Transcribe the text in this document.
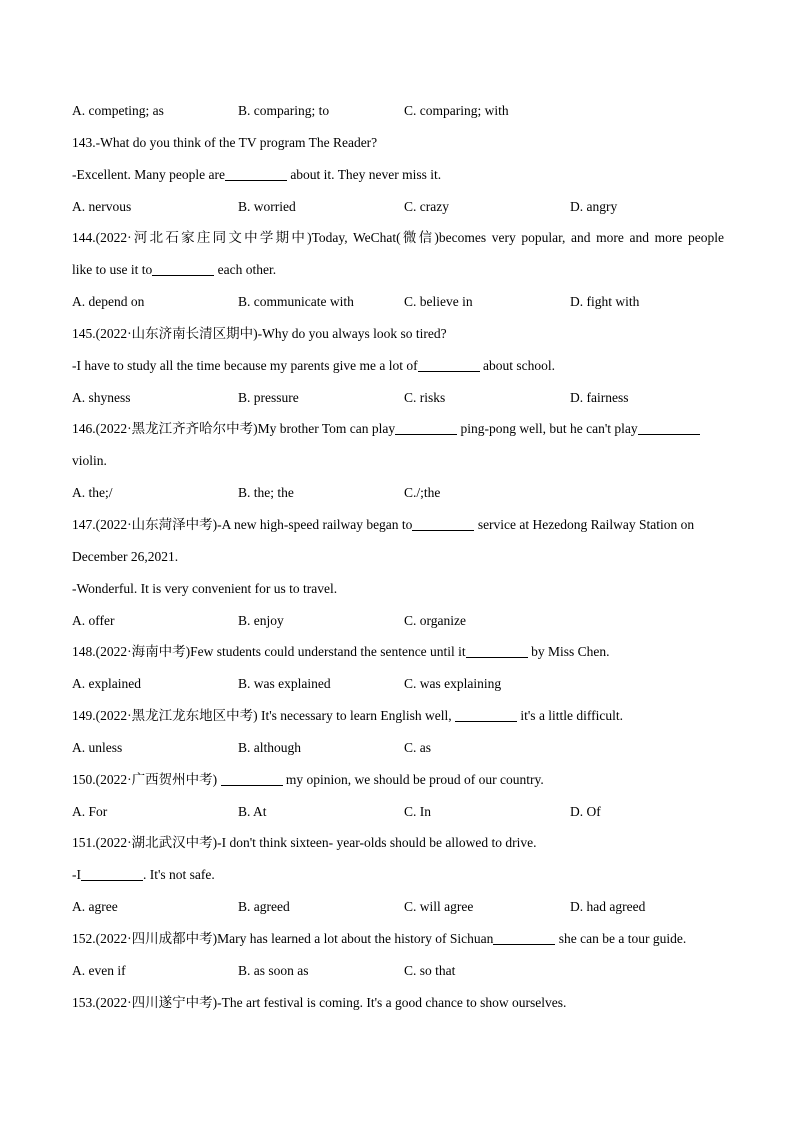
A. competing; as	B. comparing; to	C. comparing; with
143.-What do you think of the TV program The Reader?
-Excellent. Many people are	about it. They never miss it.
A. nervous	B. worried	C. crazy	D. angry
144.(2022·河北石家庄同文中学期中)Today, WeChat(微信)becomes very popular, and more and more people
like to use it to	each other.
A. depend on	B. communicate with	C. believe in	D. fight with
145.(2022·山东济南长清区期中)-Why do you always look so tired?
-I have to study all the time because my parents give me a lot of	about school.
A. shyness	B. pressure	C. risks	D. fairness
146.(2022·黑龙江齐齐哈尔中考)My brother Tom can play	ping-pong well, but he can't play
violin.
A. the;/	B. the; the	C./;the
147.(2022·山东菏泽中考)-A new high-speed railway began to	service at Hezedong Railway Station on
December 26,2021.
-Wonderful. It is very convenient for us to travel.
A. offer	B. enjoy	C. organize
148.(2022·海南中考)Few students could understand the sentence until it	by Miss Chen.
A. explained	B. was explained	C. was explaining
149.(2022·黑龙江龙东地区中考) It's necessary to learn English well,	it's a little difficult.
A. unless	B. although	C. as
150.(2022·广西贺州中考)	my opinion, we should be proud of our country.
A. For	B. At	C. In	D. Of
151.(2022·湖北武汉中考)-I don't think sixteen- year-olds should be allowed to drive.
-I	. It's not safe.
A. agree	B. agreed	C. will agree	D. had agreed
152.(2022·四川成都中考)Mary has learned a lot about the history of Sichuan	she can be a tour guide.
A. even if	B. as soon as	C. so that
153.(2022·四川遂宁中考)-The art festival is coming. It's a good chance to show ourselves.
